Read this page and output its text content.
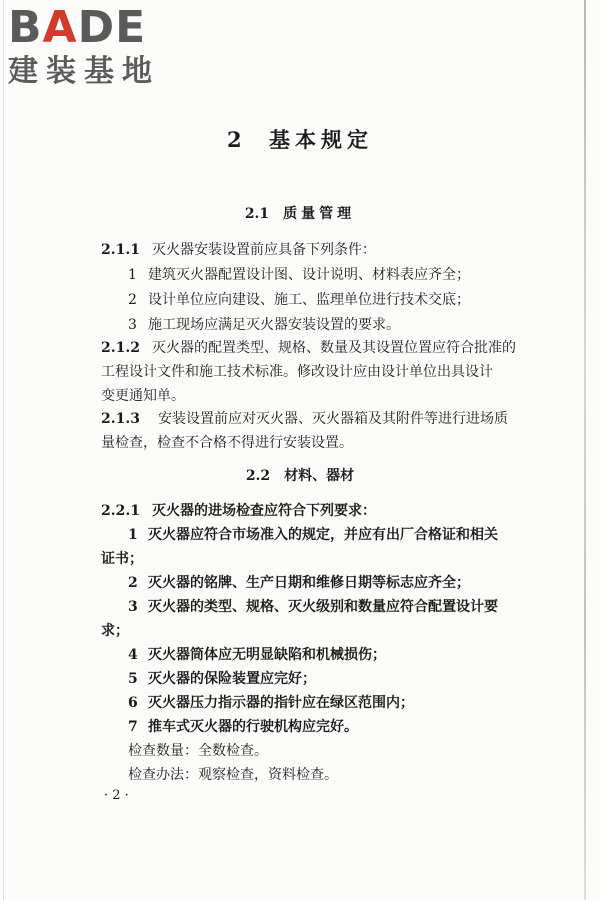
BADE
建装基地
2 基本规定
2.1 质量管理
2.1.1 灭火器安装设置前应具备下列条件：
1 建筑灭火器配置设计图、设计说明、材料表应齐全；
2 设计单位应向建设、施工、监理单位进行技术交底；
3 施工现场应满足灭火器安装设置的要求。
2.1.2 灭火器的配置类型、规格、数量及其设置位置应符合批准的
工程设计文件和施工技术标准。修改设计应由设计单位出具设计
变更通知单。
2.1.3 安装设置前应对灭火器、灭火器箱及其附件等进行进场质
量检查，检查不合格不得进行安装设置。
2.2 材料、器材
2.2.1 灭火器的进场检查应符合下列要求：
1 灭火器应符合市场准入的规定，并应有出厂合格证和相关
证书；
2 灭火器的铭牌、生产日期和维修日期等标志应齐全；
3 灭火器的类型、规格、灭火级别和数量应符合配置设计要
求；
4 灭火器筒体应无明显缺陷和机械损伤；
5 灭火器的保险装置应完好；
6 灭火器压力指示器的指针应在绿区范围内；
7 推车式灭火器的行驶机构应完好。
检查数量：全数检查。
检查办法：观察检查，资料检查。
· 2 ·
